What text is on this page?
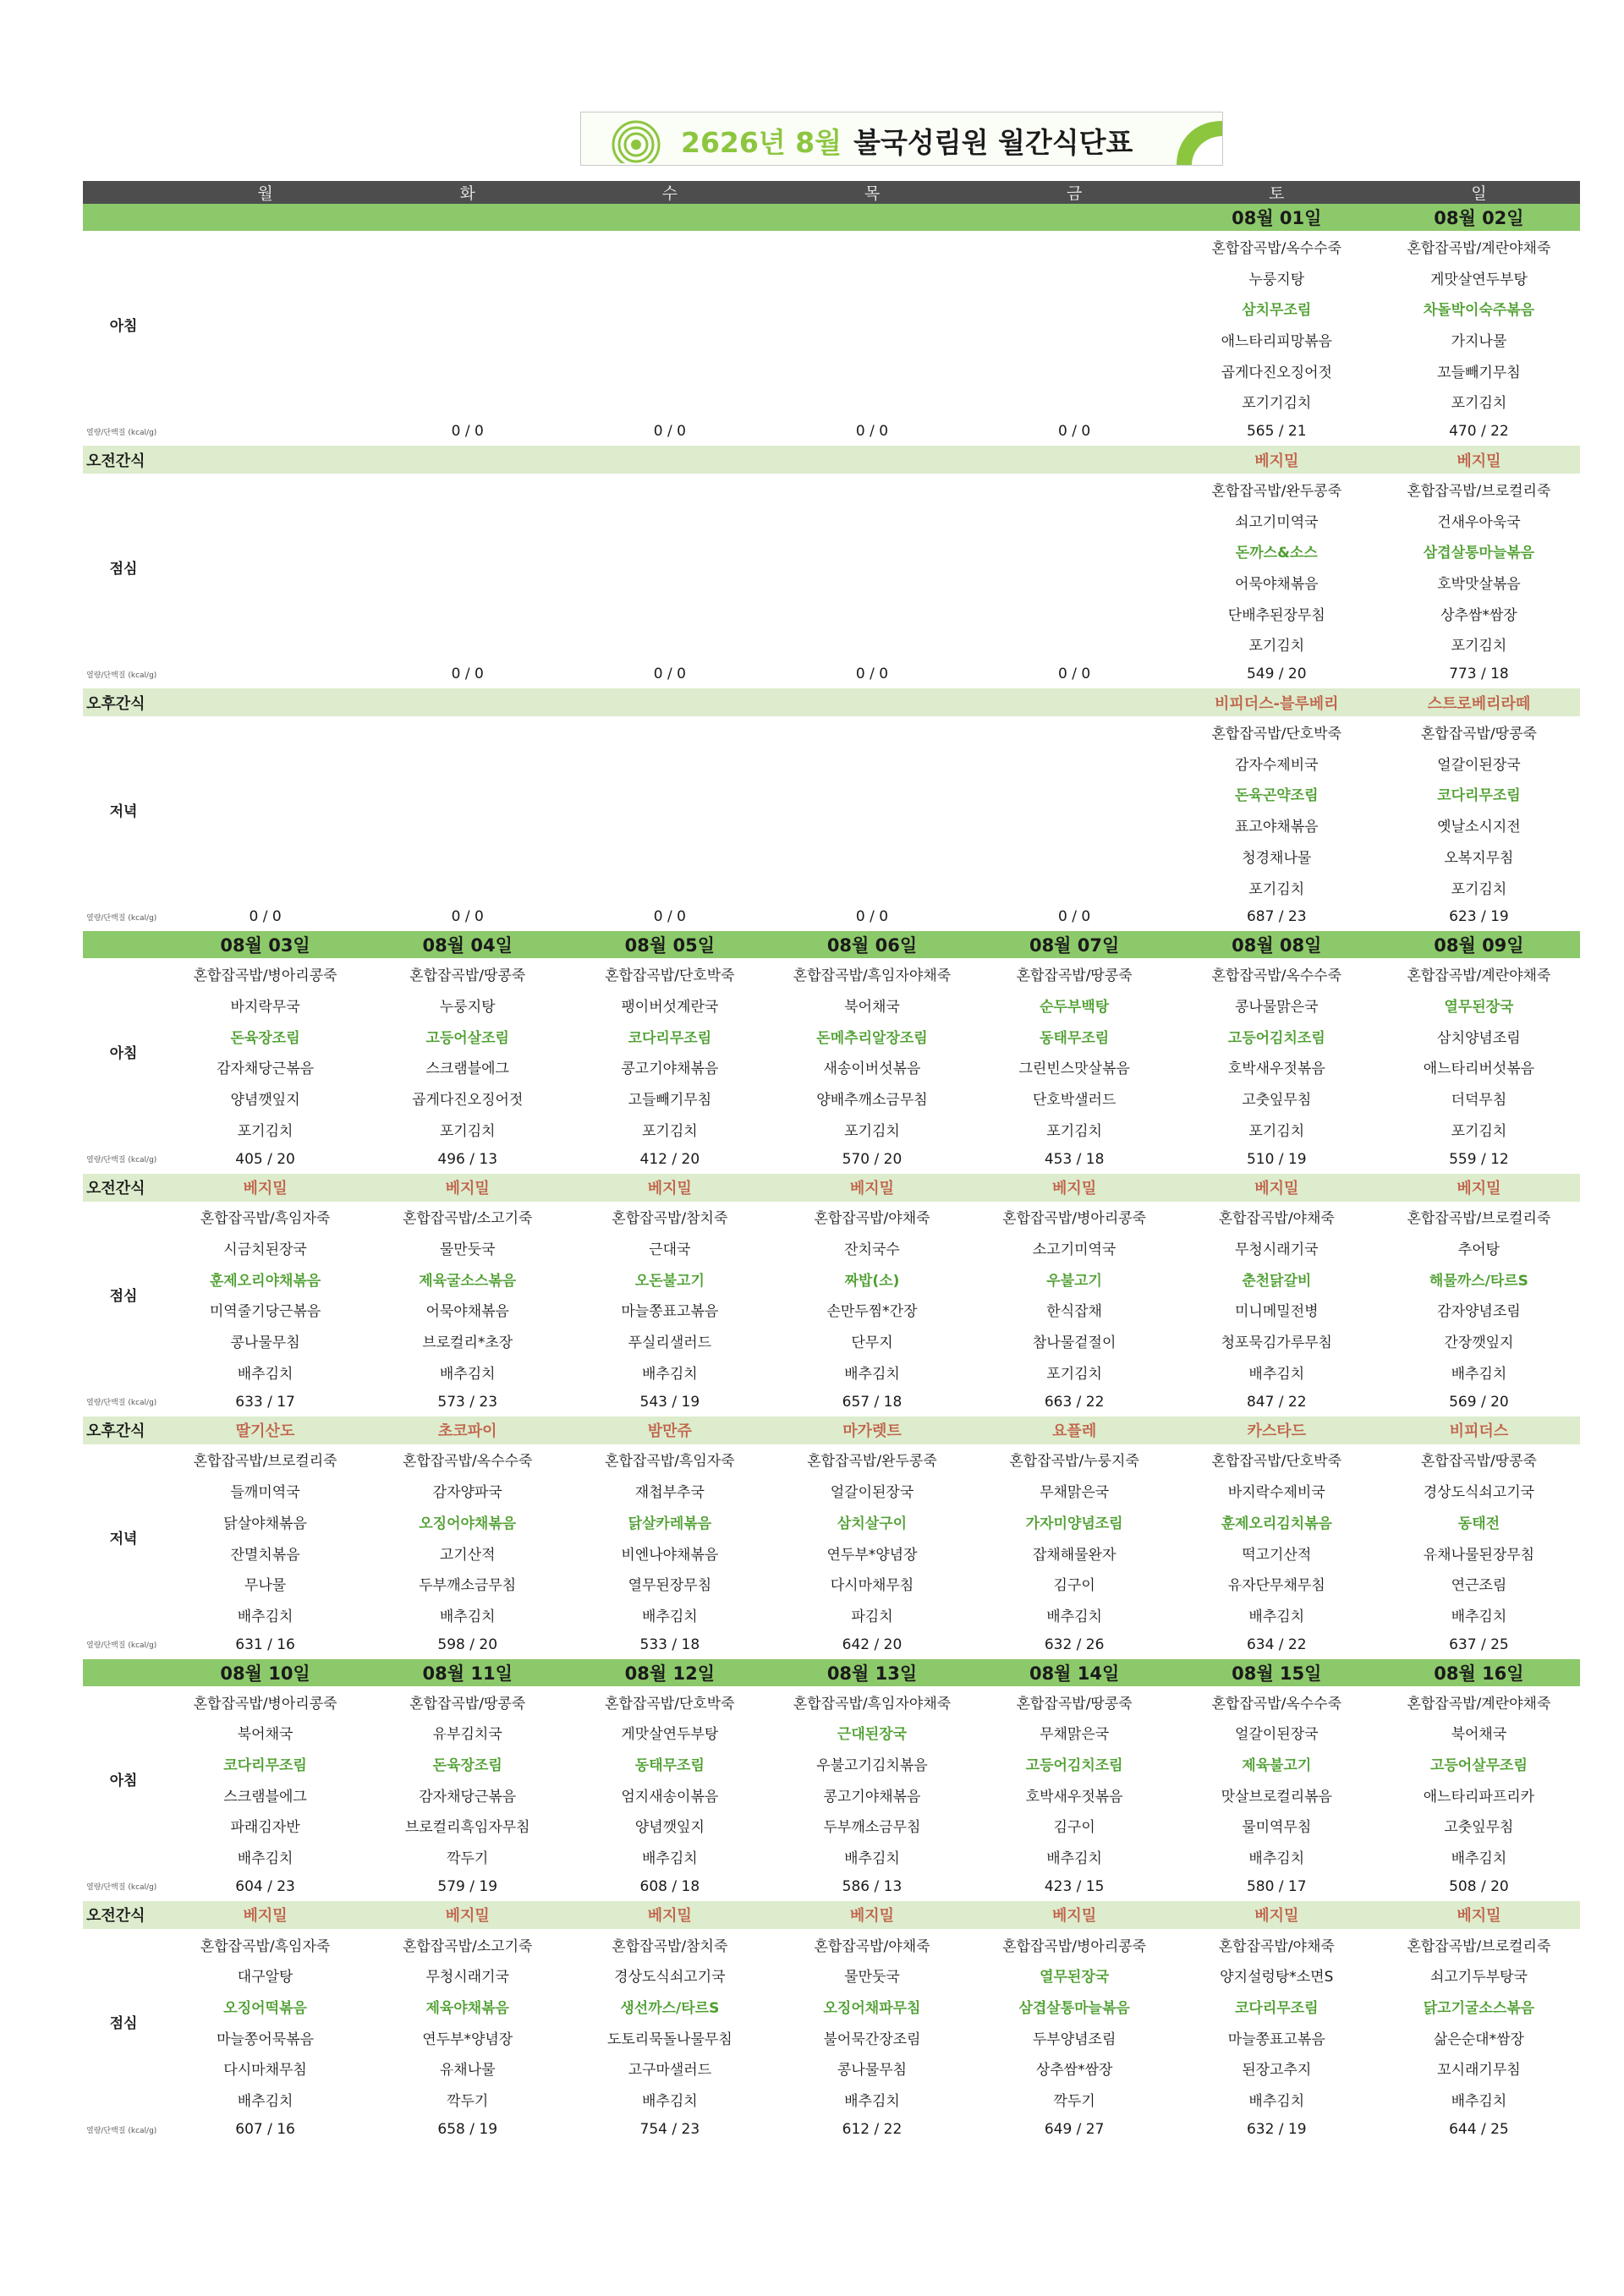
2626년 8월 불국성림원 월간식단표
	월	화	수	목	금	토	일
						08월 01일	08월 02일
아침						혼합잡곡밥/옥수수죽	혼합잡곡밥/계란야채죽
						누룽지탕	게맛살연두부탕
						삼치무조림	차돌박이숙주볶음
						애느타리피망볶음	가지나물
						곱게다진오징어젓	꼬들빼기무침
						포기기김치	포기김치
열량/단백질 (kcal/g)		0 / 0	0 / 0	0 / 0	0 / 0	565 / 21	470 / 22
오전간식						베지밀	베지밀
점심						혼합잡곡밥/완두콩죽	혼합잡곡밥/브로컬리죽
						쇠고기미역국	건새우아욱국
						돈까스&소스	삼겹살통마늘볶음
						어묵야채볶음	호박맛살볶음
						단배추된장무침	상추쌈*쌈장
						포기김치	포기김치
열량/단백질 (kcal/g)		0 / 0	0 / 0	0 / 0	0 / 0	549 / 20	773 / 18
오후간식						비피더스-블루베리	스트로베리라떼
저녁						혼합잡곡밥/단호박죽	혼합잡곡밥/땅콩죽
						감자수제비국	얼갈이된장국
						돈육곤약조림	코다리무조림
						표고야채볶음	옛날소시지전
						청경채나물	오복지무침
						포기김치	포기김치
열량/단백질 (kcal/g)	0 / 0	0 / 0	0 / 0	0 / 0	0 / 0	687 / 23	623 / 19
	08월 03일	08월 04일	08월 05일	08월 06일	08월 07일	08월 08일	08월 09일
아침	혼합잡곡밥/병아리콩죽	혼합잡곡밥/땅콩죽	혼합잡곡밥/단호박죽	혼합잡곡밥/흑임자야채죽	혼합잡곡밥/땅콩죽	혼합잡곡밥/옥수수죽	혼합잡곡밥/계란야채죽
	바지락무국	누룽지탕	팽이버섯계란국	북어채국	순두부백탕	콩나물맑은국	열무된장국
	돈육장조림	고등어살조림	코다리무조림	돈메추리알장조림	동태무조림	고등어김치조림	삼치양념조림
	감자채당근볶음	스크램블에그	콩고기야채볶음	새송이버섯볶음	그린빈스맛살볶음	호박새우젓볶음	애느타리버섯볶음
	양념깻잎지	곱게다진오징어젓	고들빼기무침	양배추깨소금무침	단호박샐러드	고춧잎무침	더덕무침
	포기김치	포기김치	포기김치	포기김치	포기김치	포기김치	포기김치
열량/단백질 (kcal/g)	405 / 20	496 / 13	412 / 20	570 / 20	453 / 18	510 / 19	559 / 12
오전간식	베지밀	베지밀	베지밀	베지밀	베지밀	베지밀	베지밀
점심	혼합잡곡밥/흑임자죽	혼합잡곡밥/소고기죽	혼합잡곡밥/참치죽	혼합잡곡밥/야채죽	혼합잡곡밥/병아리콩죽	혼합잡곡밥/야채죽	혼합잡곡밥/브로컬리죽
	시금치된장국	물만둣국	근대국	잔치국수	소고기미역국	무청시래기국	추어탕
	훈제오리야채볶음	제육굴소스볶음	오돈불고기	짜밥(소)	우불고기	춘천닭갈비	해물까스/타르S
	미역줄기당근볶음	어묵야채볶음	마늘쫑표고볶음	손만두찜*간장	한식잡채	미니메밀전병	감자양념조림
	콩나물무침	브로컬리*초장	푸실리샐러드	단무지	참나물겉절이	청포묵김가루무침	간장깻잎지
	배추김치	배추김치	배추김치	배추김치	포기김치	배추김치	배추김치
열량/단백질 (kcal/g)	633 / 17	573 / 23	543 / 19	657 / 18	663 / 22	847 / 22	569 / 20
오후간식	딸기산도	초코파이	밤만쥬	마가렛트	요플레	카스타드	비피더스
저녁	혼합잡곡밥/브로컬리죽	혼합잡곡밥/옥수수죽	혼합잡곡밥/흑임자죽	혼합잡곡밥/완두콩죽	혼합잡곡밥/누룽지죽	혼합잡곡밥/단호박죽	혼합잡곡밥/땅콩죽
	들깨미역국	감자양파국	재첩부추국	얼갈이된장국	무채맑은국	바지락수제비국	경상도식쇠고기국
	닭살야채볶음	오징어야채볶음	닭살카레볶음	삼치살구이	가자미양념조림	훈제오리김치볶음	동태전
	잔멸치볶음	고기산적	비엔나야채볶음	연두부*양념장	잡채해물완자	떡고기산적	유채나물된장무침
	무나물	두부깨소금무침	열무된장무침	다시마채무침	김구이	유자단무채무침	연근조림
	배추김치	배추김치	배추김치	파김치	배추김치	배추김치	배추김치
열량/단백질 (kcal/g)	631 / 16	598 / 20	533 / 18	642 / 20	632 / 26	634 / 22	637 / 25
	08월 10일	08월 11일	08월 12일	08월 13일	08월 14일	08월 15일	08월 16일
아침	혼합잡곡밥/병아리콩죽	혼합잡곡밥/땅콩죽	혼합잡곡밥/단호박죽	혼합잡곡밥/흑임자야채죽	혼합잡곡밥/땅콩죽	혼합잡곡밥/옥수수죽	혼합잡곡밥/계란야채죽
	북어채국	유부김치국	게맛살연두부탕	근대된장국	무채맑은국	얼갈이된장국	북어채국
	코다리무조림	돈육장조림	동태무조림	우불고기김치볶음	고등어김치조림	제육불고기	고등어살무조림
	스크램블에그	감자채당근볶음	엄지새송이볶음	콩고기야채볶음	호박새우젓볶음	맛살브로컬리볶음	애느타리파프리카
	파래김자반	브로컬리흑임자무침	양념깻잎지	두부깨소금무침	김구이	물미역무침	고춧잎무침
	배추김치	깍두기	배추김치	배추김치	배추김치	배추김치	배추김치
열량/단백질 (kcal/g)	604 / 23	579 / 19	608 / 18	586 / 13	423 / 15	580 / 17	508 / 20
오전간식	베지밀	베지밀	베지밀	베지밀	베지밀	베지밀	베지밀
점심	혼합잡곡밥/흑임자죽	혼합잡곡밥/소고기죽	혼합잡곡밥/참치죽	혼합잡곡밥/야채죽	혼합잡곡밥/병아리콩죽	혼합잡곡밥/야채죽	혼합잡곡밥/브로컬리죽
	대구알탕	무청시래기국	경상도식쇠고기국	물만둣국	열무된장국	양지설렁탕*소면S	쇠고기두부탕국
	오징어떡볶음	제육야채볶음	생선까스/타르S	오징어채파무침	삼겹살통마늘볶음	코다리무조림	닭고기굴소스볶음
	마늘쫑어묵볶음	연두부*양념장	도토리묵돌나물무침	불어묵간장조림	두부양념조림	마늘쫑표고볶음	삶은순대*쌈장
	다시마채무침	유채나물	고구마샐러드	콩나물무침	상추쌈*쌈장	된장고추지	꼬시래기무침
	배추김치	깍두기	배추김치	배추김치	깍두기	배추김치	배추김치
열량/단백질 (kcal/g)	607 / 16	658 / 19	754 / 23	612 / 22	649 / 27	632 / 19	644 / 25
